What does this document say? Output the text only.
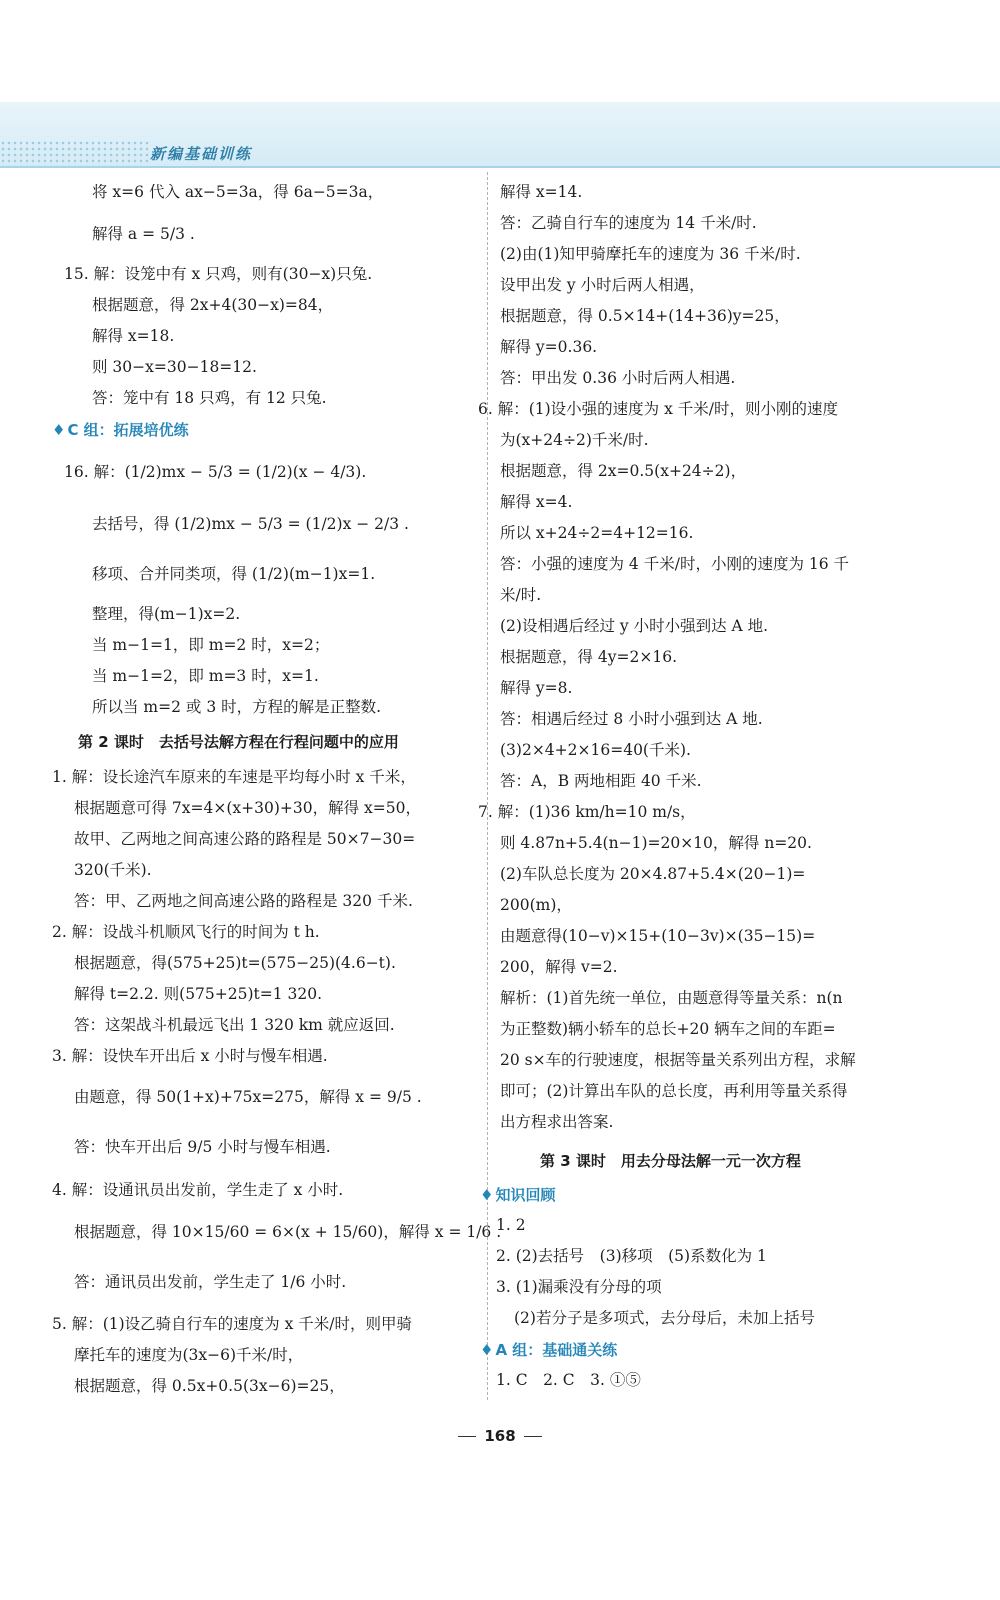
新编基础训练

将 x=6 代入 ax−5=3a，得 6a−5=3a，

解得 a = 5/3 .

15. 解：设笼中有 x 只鸡，则有(30−x)只兔.

根据题意，得 2x+4(30−x)=84，

解得 x=18.

则 30−x=30−18=12.

答：笼中有 18 只鸡，有 12 只兔.

♦ C 组：拓展培优练

16. 解：(1/2)mx − 5/3 = (1/2)(x − 4/3).

去括号，得 (1/2)mx − 5/3 = (1/2)x − 2/3 .

移项、合并同类项，得 (1/2)(m−1)x=1.

整理，得(m−1)x=2.

当 m−1=1，即 m=2 时，x=2；

当 m−1=2，即 m=3 时，x=1.

所以当 m=2 或 3 时，方程的解是正整数.

第 2 课时　去括号法解方程在行程问题中的应用

1. 解：设长途汽车原来的车速是平均每小时 x 千米，

根据题意可得 7x=4×(x+30)+30，解得 x=50，

故甲、乙两地之间高速公路的路程是 50×7−30=

320(千米).

答：甲、乙两地之间高速公路的路程是 320 千米.

2. 解：设战斗机顺风飞行的时间为 t h.

根据题意，得(575+25)t=(575−25)(4.6−t).

解得 t=2.2. 则(575+25)t=1 320.

答：这架战斗机最远飞出 1 320 km 就应返回.

3. 解：设快车开出后 x 小时与慢车相遇.

由题意，得 50(1+x)+75x=275，解得 x = 9/5 .

答：快车开出后 9/5 小时与慢车相遇.

4. 解：设通讯员出发前，学生走了 x 小时.

根据题意，得 10×15/60 = 6×(x + 15/60)，解得 x = 1/6 .

答：通讯员出发前，学生走了 1/6 小时.

5. 解：(1)设乙骑自行车的速度为 x 千米/时，则甲骑

摩托车的速度为(3x−6)千米/时，

根据题意，得 0.5x+0.5(3x−6)=25，

解得 x=14.

答：乙骑自行车的速度为 14 千米/时.

(2)由(1)知甲骑摩托车的速度为 36 千米/时.

设甲出发 y 小时后两人相遇，

根据题意，得 0.5×14+(14+36)y=25，

解得 y=0.36.

答：甲出发 0.36 小时后两人相遇.

6. 解：(1)设小强的速度为 x 千米/时，则小刚的速度

为(x+24÷2)千米/时.

根据题意，得 2x=0.5(x+24÷2)，

解得 x=4.

所以 x+24÷2=4+12=16.

答：小强的速度为 4 千米/时，小刚的速度为 16 千

米/时.

(2)设相遇后经过 y 小时小强到达 A 地.

根据题意，得 4y=2×16.

解得 y=8.

答：相遇后经过 8 小时小强到达 A 地.

(3)2×4+2×16=40(千米).

答：A，B 两地相距 40 千米.

7. 解：(1)36 km/h=10 m/s，

则 4.87n+5.4(n−1)=20×10，解得 n=20.

(2)车队总长度为 20×4.87+5.4×(20−1)=

200(m)，

由题意得(10−v)×15+(10−3v)×(35−15)=

200，解得 v=2.

解析：(1)首先统一单位，由题意得等量关系：n(n

为正整数)辆小轿车的总长+20 辆车之间的车距=

20 s×车的行驶速度，根据等量关系列出方程，求解

即可；(2)计算出车队的总长度，再利用等量关系得

出方程求出答案.

第 3 课时　用去分母法解一元一次方程

♦ 知识回顾

1. 2

2. (2)去括号　(3)移项　(5)系数化为 1

3. (1)漏乘没有分母的项

(2)若分子是多项式，去分母后，未加上括号

♦ A 组：基础通关练

1. C　2. C　3. ①⑤

168
